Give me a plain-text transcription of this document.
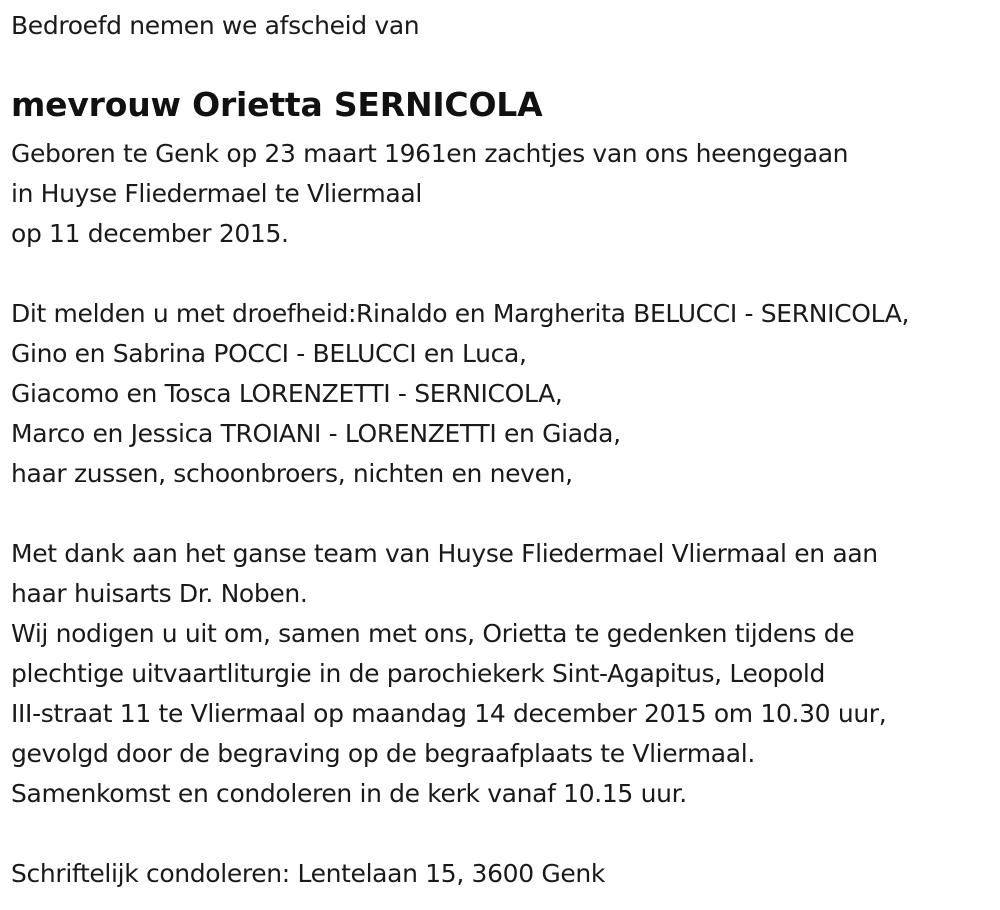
Bedroefd nemen we afscheid van
mevrouw Orietta SERNICOLA
Geboren te Genk op 23 maart 1961en zachtjes van ons heengegaan
in Huyse Fliedermael te Vliermaal
op 11 december 2015.
Dit melden u met droefheid:Rinaldo en Margherita BELUCCI - SERNICOLA,
Gino en Sabrina POCCI - BELUCCI en Luca,
Giacomo en Tosca LORENZETTI - SERNICOLA,
Marco en Jessica TROIANI - LORENZETTI en Giada,
haar zussen, schoonbroers, nichten en neven,
Met dank aan het ganse team van Huyse Fliedermael Vliermaal en aan
haar huisarts Dr. Noben.
Wij nodigen u uit om, samen met ons, Orietta te gedenken tijdens de
plechtige uitvaartliturgie in de parochiekerk Sint-Agapitus, Leopold
III-straat 11 te Vliermaal op maandag 14 december 2015 om 10.30 uur,
gevolgd door de begraving op de begraafplaats te Vliermaal.
Samenkomst en condoleren in de kerk vanaf 10.15 uur.
Schriftelijk condoleren: Lentelaan 15, 3600 Genk
